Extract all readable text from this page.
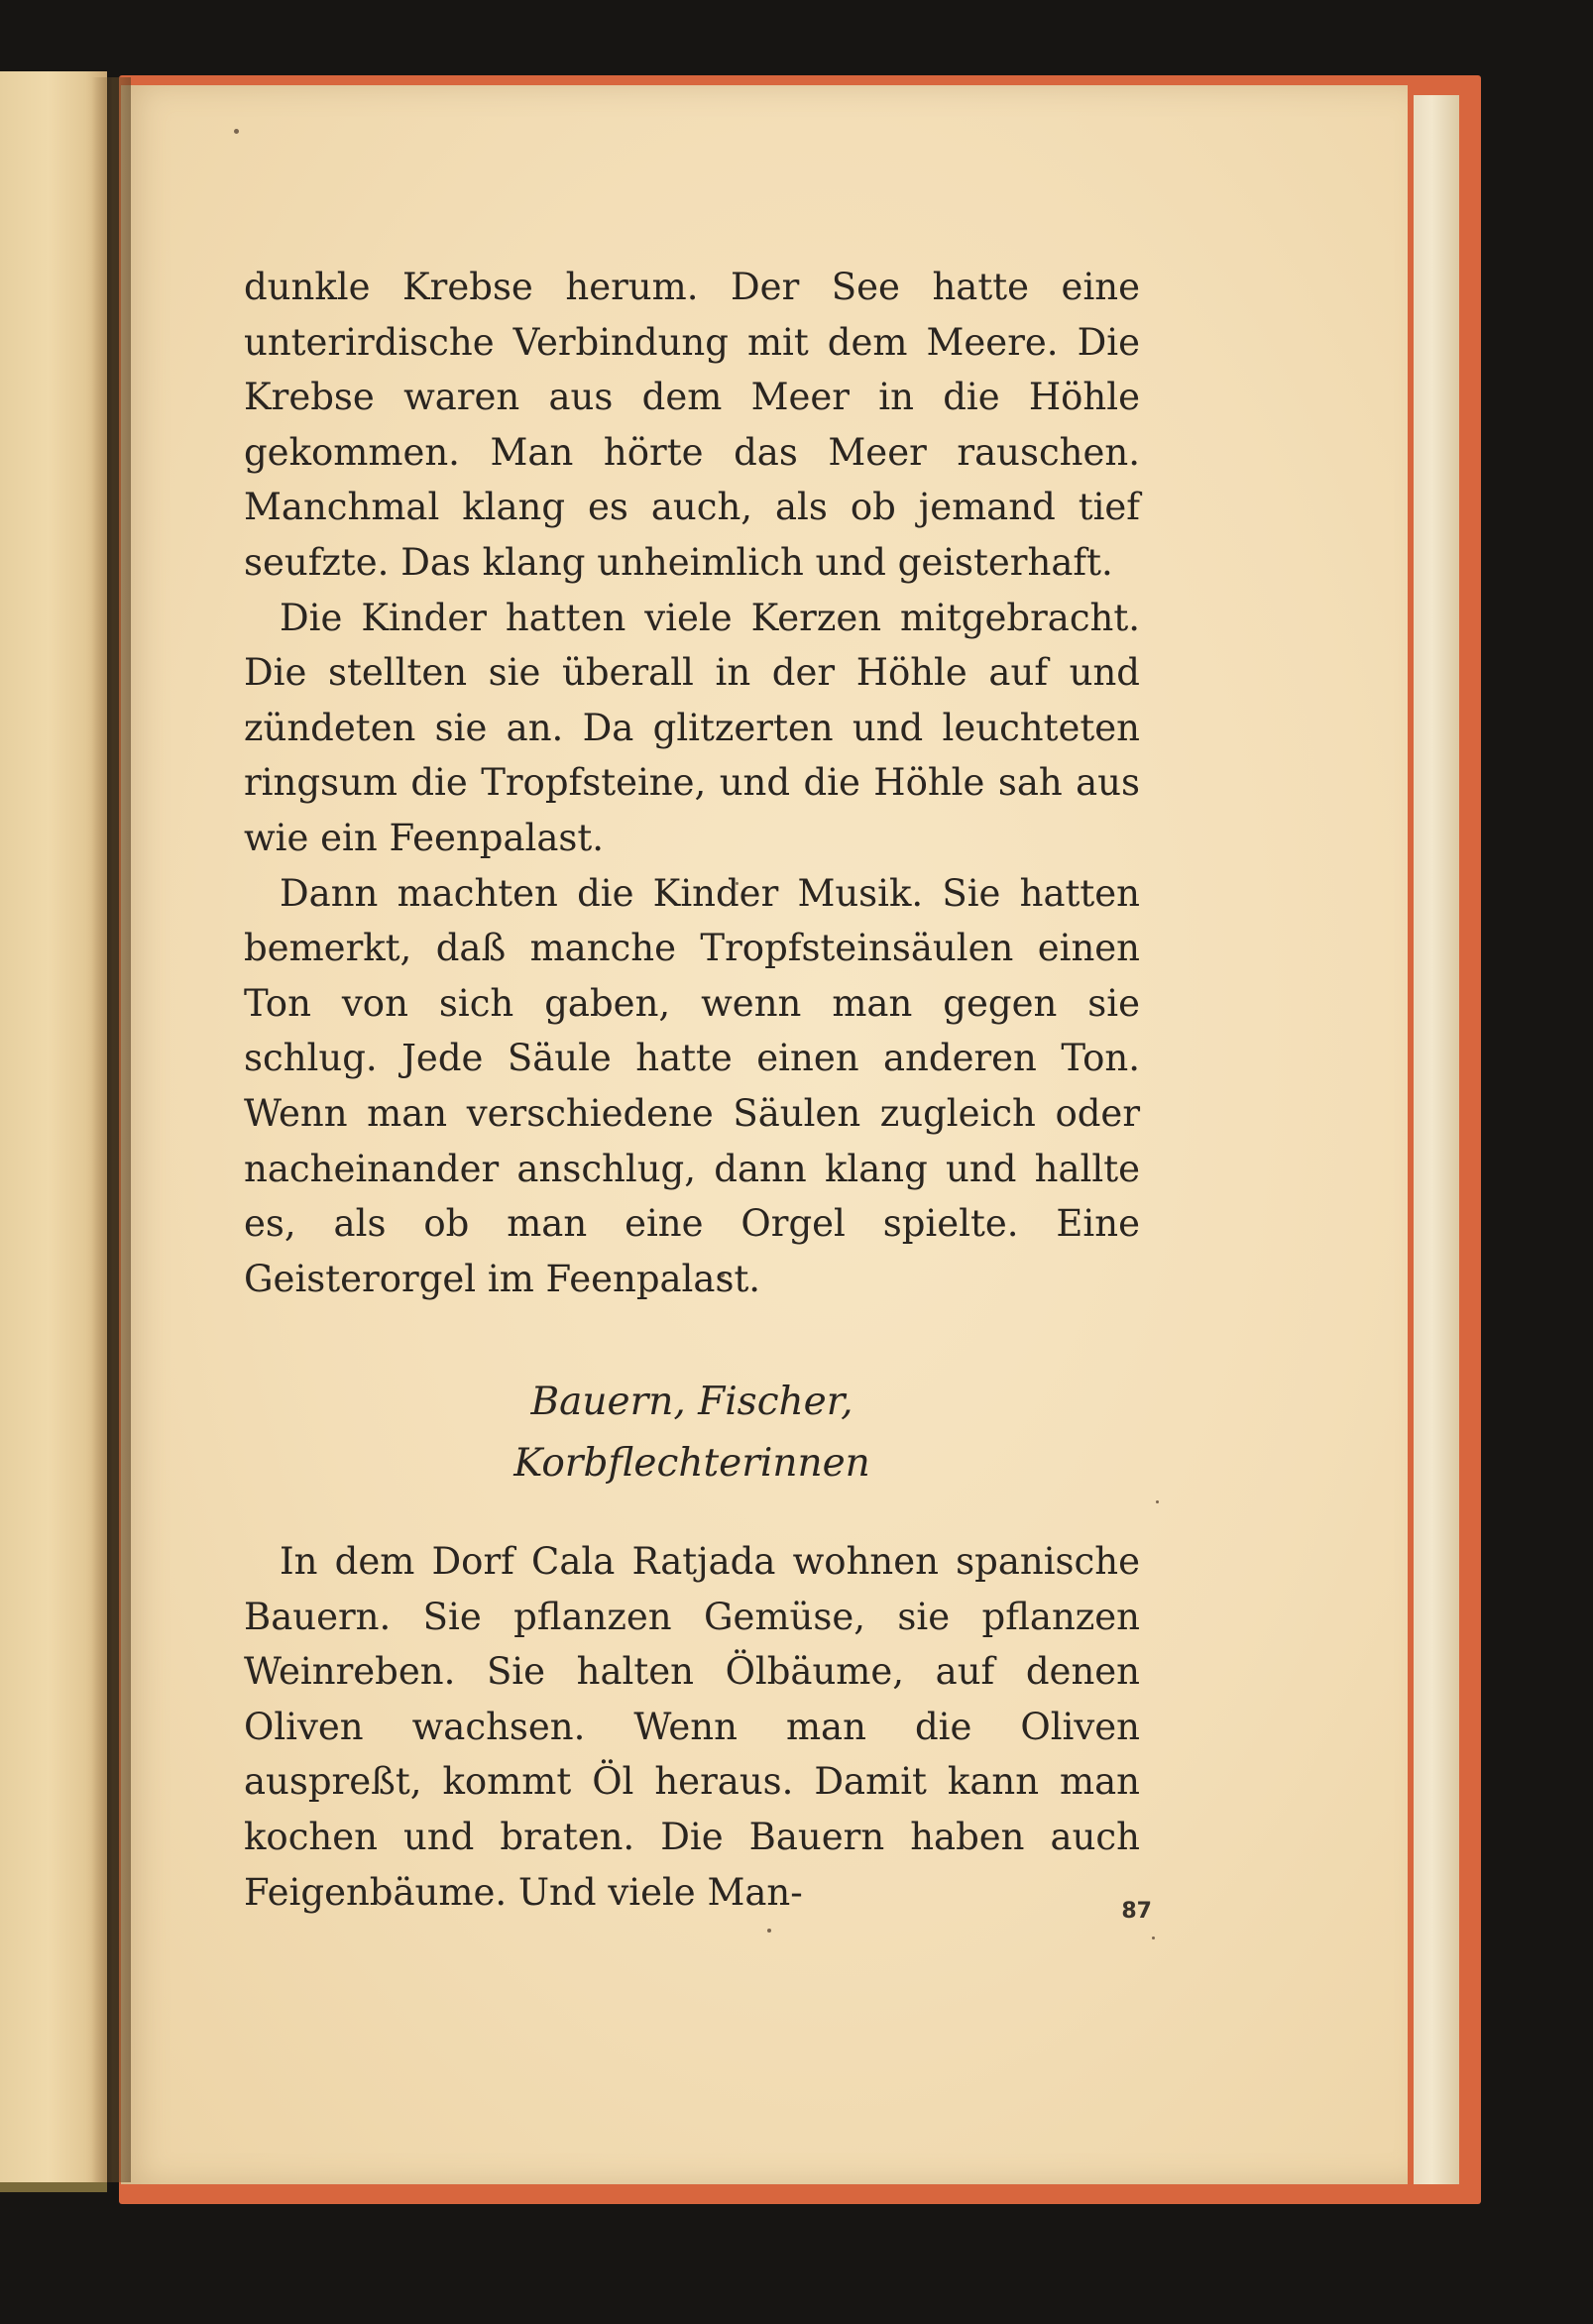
dunkle Krebse herum. Der See hatte eine unterirdische Verbindung mit dem Meere. Die Krebse waren aus dem Meer in die Höhle gekommen. Man hörte das Meer rauschen. Manchmal klang es auch, als ob jemand tief seufzte. Das klang unheimlich und geisterhaft.

Die Kinder hatten viele Kerzen mitgebracht. Die stellten sie überall in der Höhle auf und zündeten sie an. Da glitzerten und leuchteten ringsum die Tropfsteine, und die Höhle sah aus wie ein Feenpalast.

Dann machten die Kinder Musik. Sie hatten bemerkt, daß manche Tropfsteinsäulen einen Ton von sich gaben, wenn man gegen sie schlug. Jede Säule hatte einen anderen Ton. Wenn man verschiedene Säulen zugleich oder nacheinander anschlug, dann klang und hallte es, als ob man eine Orgel spielte. Eine Geisterorgel im Feenpalast.

Bauern, Fischer,
Korbflechterinnen

In dem Dorf Cala Ratjada wohnen spanische Bauern. Sie pflanzen Gemüse, sie pflanzen Weinreben. Sie halten Ölbäume, auf denen Oliven wachsen. Wenn man die Oliven auspreßt, kommt Öl heraus. Damit kann man kochen und braten. Die Bauern haben auch Feigenbäume. Und viele Man-	87
